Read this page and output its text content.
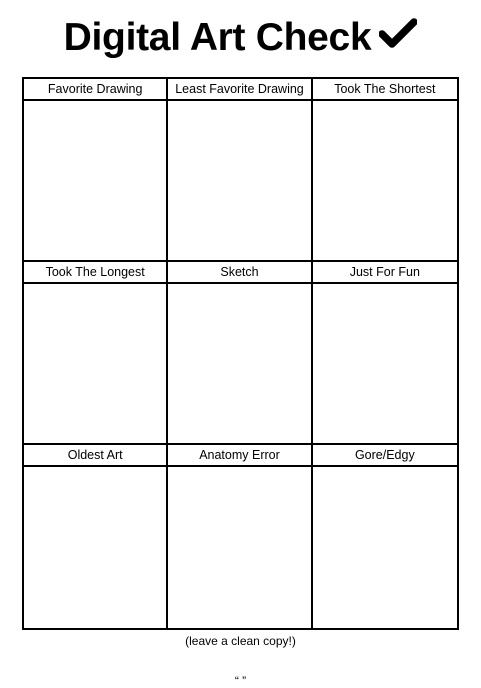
Digital Art Check
Favorite Drawing	Least Favorite Drawing	Took The Shortest
Took The Longest	Sketch	Just For Fun
Oldest Art	Anatomy Error	Gore/Edgy
(leave a clean copy!)
“ ”
